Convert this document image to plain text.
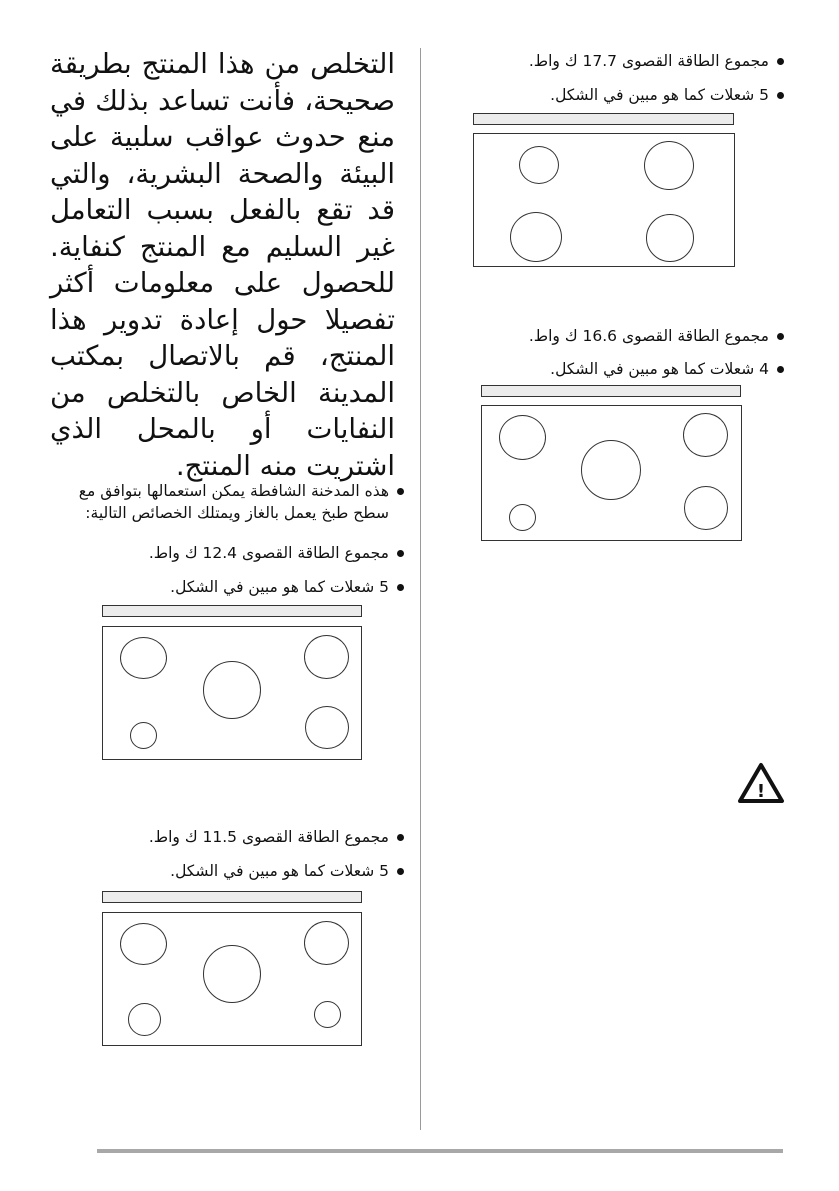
التخلص من هذا المنتج بطريقة صحيحة، فأنت تساعد بذلك في منع حدوث عواقب سلبية على البيئة والصحة البشرية، والتي قد تقع بالفعل بسبب التعامل غير السليم مع المنتج كنفاية. للحصول على معلومات أكثر تفصيلا حول إعادة تدوير هذا المنتج، قم بالاتصال بمكتب المدينة الخاص بالتخلص من النفايات أو بالمحل الذي اشتريت منه المنتج.

هذه المدخنة الشافطة يمكن استعمالها بتوافق مع
سطح طبخ يعمل بالغاز ويمتلك الخصائص التالية:
مجموع الطاقة القصوى 12.4 ك واط.
5 شعلات كما هو مبين في الشكل.
مجموع الطاقة القصوى 11.5 ك واط.
5 شعلات كما هو مبين في الشكل.
مجموع الطاقة القصوى 17.7 ك واط.
5 شعلات كما هو مبين في الشكل.
مجموع الطاقة القصوى 16.6 ك واط.
4 شعلات كما هو مبين في الشكل.
!
